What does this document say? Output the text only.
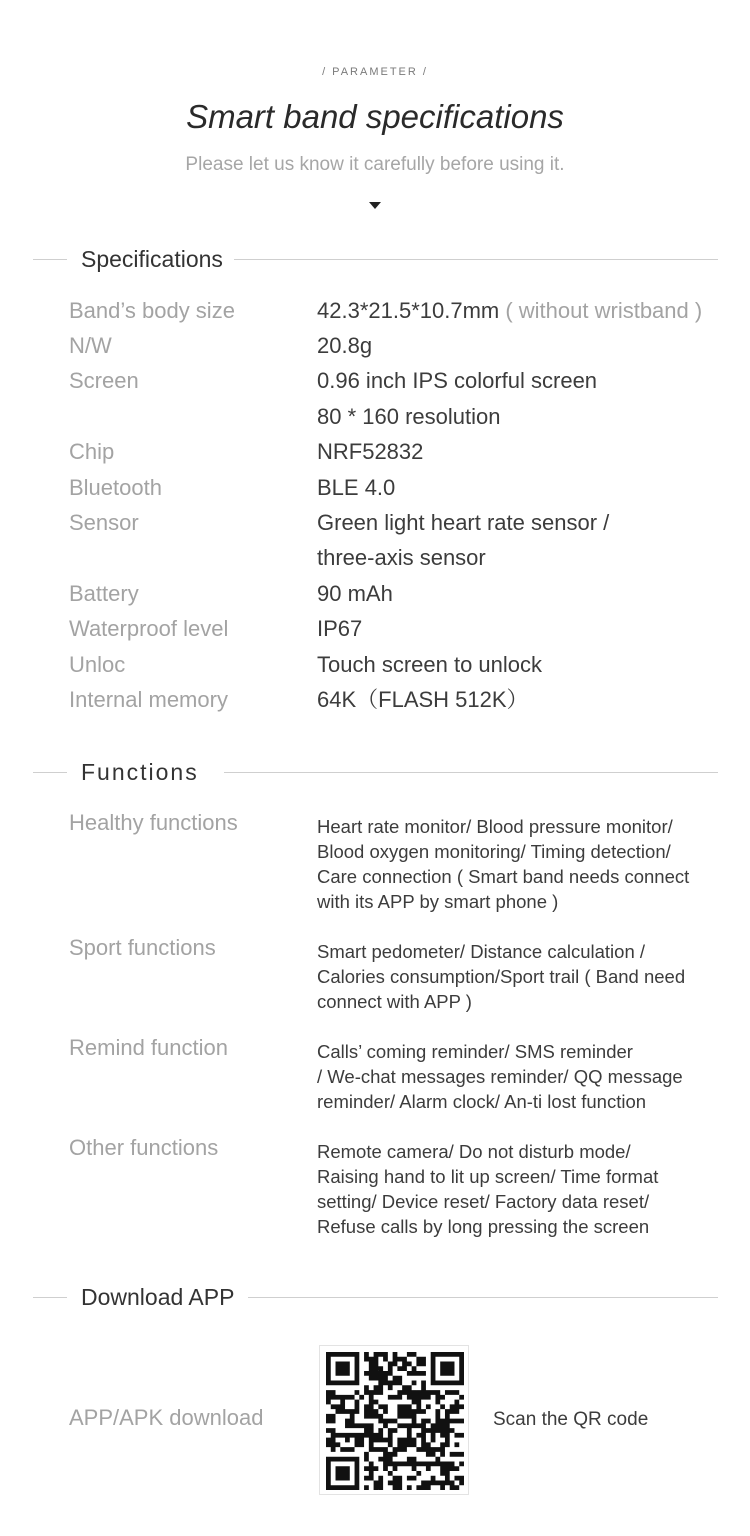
/ PARAMETER /
Smart band specifications
Please let us know it carefully before using it.
Specifications
Band’s body size	42.3*21.5*10.7mm ( without wristband )
N/W	20.8g
Screen	0.96 inch IPS colorful screen
80 * 160 resolution
Chip	NRF52832
Bluetooth	BLE 4.0
Sensor	Green light heart rate sensor /
three-axis sensor
Battery	90 mAh
Waterproof level	IP67
Unloc	Touch screen to unlock
Internal memory	64K（FLASH 512K）
Functions
Healthy functions	Heart rate monitor/ Blood pressure monitor/
Blood oxygen monitoring/ Timing detection/
Care connection ( Smart band needs connect
with its APP by smart phone )
Sport functions	Smart pedometer/ Distance calculation /
Calories consumption/Sport trail ( Band need
connect with APP )
Remind function	Calls’ coming reminder/ SMS reminder
/ We-chat messages reminder/ QQ message
reminder/ Alarm clock/ An-ti lost function
Other functions	Remote camera/ Do not disturb mode/
Raising hand to lit up screen/ Time format
setting/ Device reset/ Factory data reset/
Refuse calls by long pressing the screen
Download APP
APP/APK download	Scan the QR code
